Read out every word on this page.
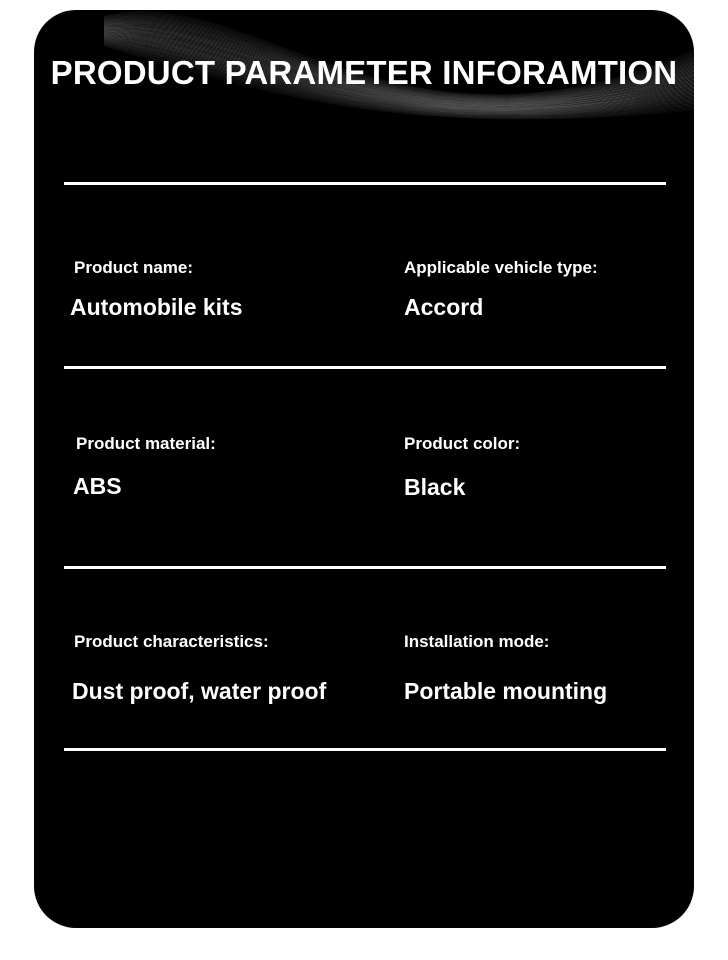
PRODUCT PARAMETER INFORAMTION
Product name:
Automobile kits
Applicable vehicle type:
Accord
Product material:
ABS
Product color:
Black
Product characteristics:
Dust proof, water proof
Installation mode:
Portable mounting
